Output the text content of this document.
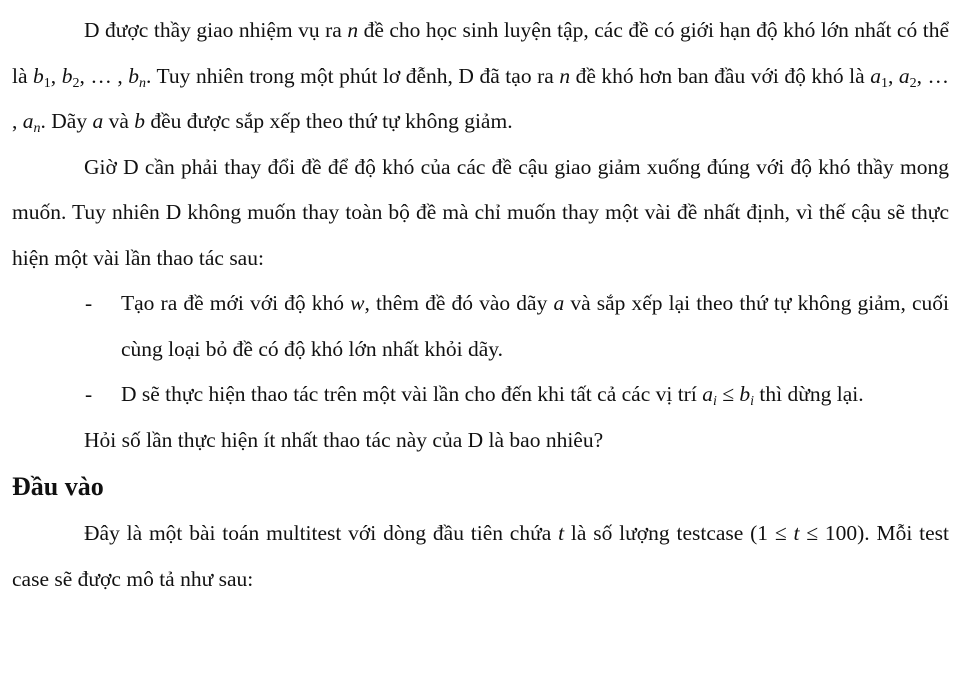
D được thầy giao nhiệm vụ ra n đề cho học sinh luyện tập, các đề có giới hạn độ khó lớn nhất có thể là $b_1$, $b_2$, … , $b_n$. Tuy nhiên trong một phút lơ đễnh, D đã tạo ra n đề khó hơn ban đầu với độ khó là $a_1$, $a_2$, … , $a_n$. Dãy a và b đều được sắp xếp theo thứ tự không giảm.

Giờ D cần phải thay đổi đề để độ khó của các đề cậu giao giảm xuống đúng với độ khó thầy mong muốn. Tuy nhiên D không muốn thay toàn bộ đề mà chỉ muốn thay một vài đề nhất định, vì thế cậu sẽ thực hiện một vài lần thao tác sau:

- Tạo ra đề mới với độ khó w, thêm đề đó vào dãy a và sắp xếp lại theo thứ tự không giảm, cuối cùng loại bỏ đề có độ khó lớn nhất khỏi dãy.
- D sẽ thực hiện thao tác trên một vài lần cho đến khi tất cả các vị trí $a_i \le b_i$ thì dừng lại.

Hỏi số lần thực hiện ít nhất thao tác này của D là bao nhiêu?

Đầu vào

Đây là một bài toán multitest với dòng đầu tiên chứa t là số lượng testcase (1 ≤ t ≤ 100). Mỗi test case sẽ được mô tả như sau:
